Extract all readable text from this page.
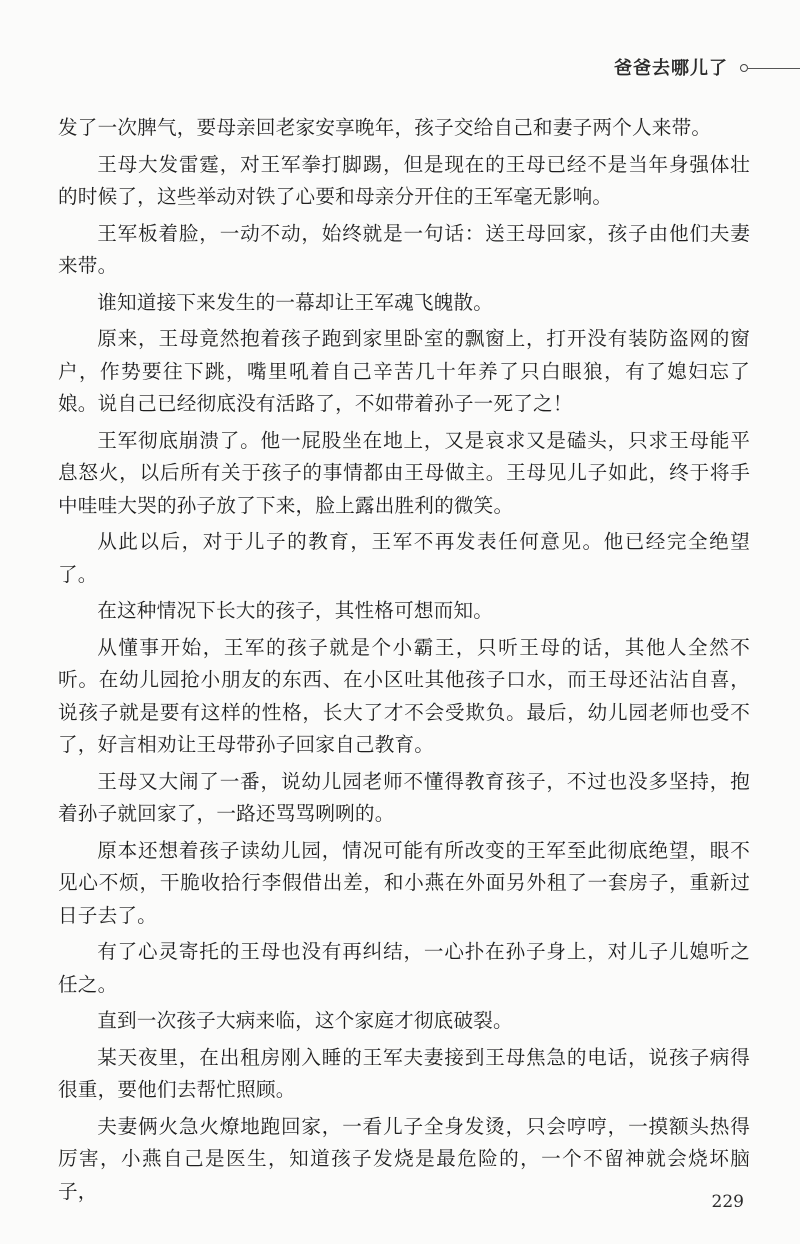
爸爸去哪儿了

发了一次脾气，要母亲回老家安享晚年，孩子交给自己和妻子两个人来带。

王母大发雷霆，对王军拳打脚踢，但是现在的王母已经不是当年身强体壮的时候了，这些举动对铁了心要和母亲分开住的王军毫无影响。

王军板着脸，一动不动，始终就是一句话：送王母回家，孩子由他们夫妻来带。

谁知道接下来发生的一幕却让王军魂飞魄散。

原来，王母竟然抱着孩子跑到家里卧室的飘窗上，打开没有装防盗网的窗户，作势要往下跳，嘴里吼着自己辛苦几十年养了只白眼狼，有了媳妇忘了娘。说自己已经彻底没有活路了，不如带着孙子一死了之！

王军彻底崩溃了。他一屁股坐在地上，又是哀求又是磕头，只求王母能平息怒火，以后所有关于孩子的事情都由王母做主。王母见儿子如此，终于将手中哇哇大哭的孙子放了下来，脸上露出胜利的微笑。

从此以后，对于儿子的教育，王军不再发表任何意见。他已经完全绝望了。

在这种情况下长大的孩子，其性格可想而知。

从懂事开始，王军的孩子就是个小霸王，只听王母的话，其他人全然不听。在幼儿园抢小朋友的东西、在小区吐其他孩子口水，而王母还沾沾自喜，说孩子就是要有这样的性格，长大了才不会受欺负。最后，幼儿园老师也受不了，好言相劝让王母带孙子回家自己教育。

王母又大闹了一番，说幼儿园老师不懂得教育孩子，不过也没多坚持，抱着孙子就回家了，一路还骂骂咧咧的。

原本还想着孩子读幼儿园，情况可能有所改变的王军至此彻底绝望，眼不见心不烦，干脆收拾行李假借出差，和小燕在外面另外租了一套房子，重新过日子去了。

有了心灵寄托的王母也没有再纠结，一心扑在孙子身上，对儿子儿媳听之任之。

直到一次孩子大病来临，这个家庭才彻底破裂。

某天夜里，在出租房刚入睡的王军夫妻接到王母焦急的电话，说孩子病得很重，要他们去帮忙照顾。

夫妻俩火急火燎地跑回家，一看儿子全身发烫，只会哼哼，一摸额头热得厉害，小燕自己是医生，知道孩子发烧是最危险的，一个不留神就会烧坏脑子，	229
